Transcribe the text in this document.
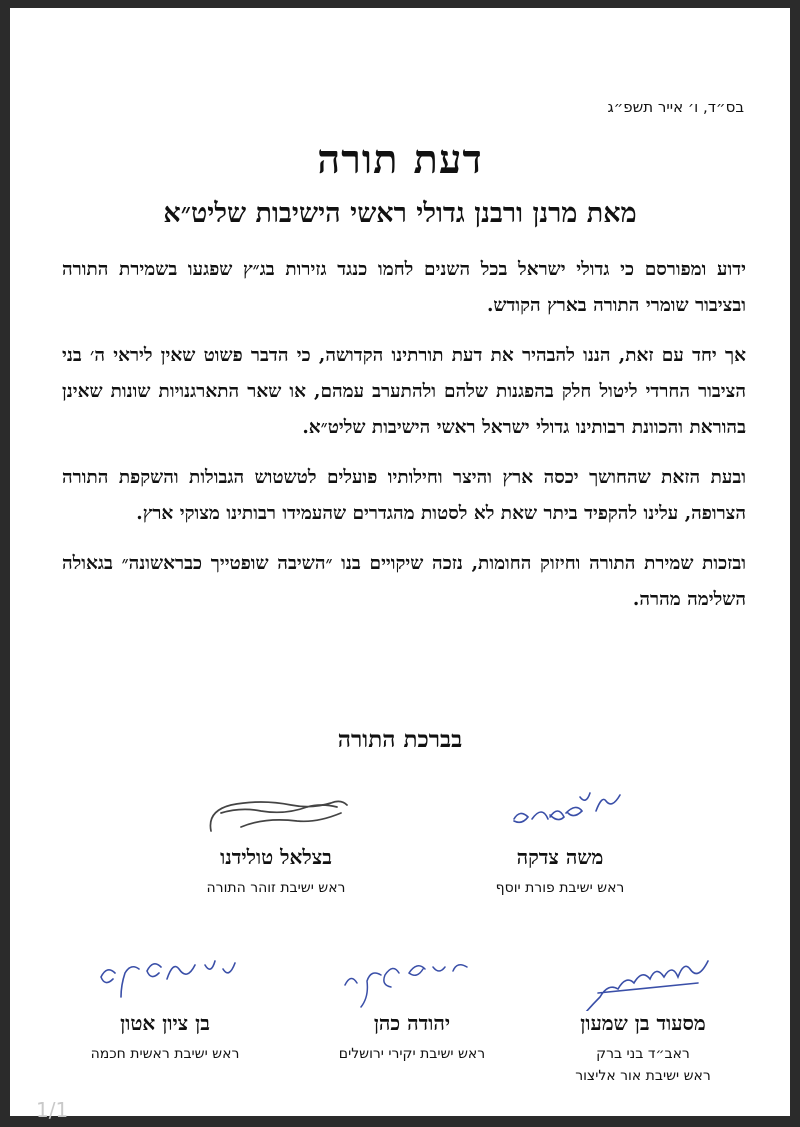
בס״ד, ו׳ אייר תשפ״ג
דעת תורה
מאת מרנן ורבנן גדולי ראשי הישיבות שליט״א

ידוע ומפורסם כי גדולי ישראל בכל השנים לחמו כנגד גזירות בג״ץ שפגעו בשמירת התורה ובציבור שומרי התורה בארץ הקודש.

אך יחד עם זאת, הננו להבהיר את דעת תורתינו הקדושה, כי הדבר פשוט שאין ליראי ה׳ בני הציבור החרדי ליטול חלק בהפגנות שלהם ולהתערב עמהם, או שאר התארגנויות שונות שאינן בהוראת והכוונת רבותינו גדולי ישראל ראשי הישיבות שליט״א.

ובעת הזאת שהחושך יכסה ארץ והיצר וחילותיו פועלים לטשטוש הגבולות והשקפת התורה הצרופה, עלינו להקפיד ביתר שאת לא לסטות מהגדרים שהעמידו רבותינו מצוקי ארץ.

ובזכות שמירת התורה וחיזוק החומות, נזכה שיקויים בנו ״השיבה שופטייך כבראשונה״ בגאולה השלימה מהרה.

בברכת התורה
משה צדקה
ראש ישיבת פורת יוסף
בצלאל טולידנו
ראש ישיבת זוהר התורה
מסעוד בן שמעון
ראב״ד בני ברק
ראש ישיבת אור אליצור
יהודה כהן
ראש ישיבת יקירי ירושלים
בן ציון אטון
ראש ישיבת ראשית חכמה
1/1
